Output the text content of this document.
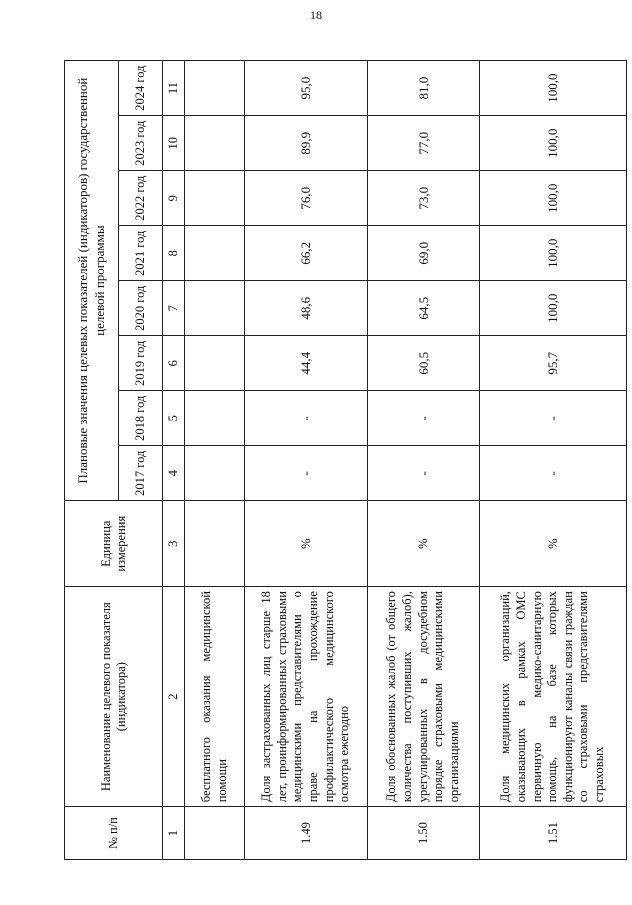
18
№ п/п	Наименование целевого показателя (индикатора)	Единица измерения	Плановые значения целевых показателей (индикаторов) государственной целевой программы							
			2017 год	2018 год	2019 год	2020 год	2021 год	2022 год	2023 год	2024 год
1	2	3	4	5	6	7	8	9	10	11
	бесплатного оказания медицинской помощи									
1.49	Доля застрахованных лиц старше 18 лет, проинформированных страховыми медицинскими представителями о праве на прохождение профилактического медицинского осмотра ежегодно	%	-	-	44,4	48,6	66,2	76,0	89,9	95,0
1.50	Доля обоснованных жалоб (от общего количества поступивших жалоб), урегулированных в досудебном порядке страховыми медицинскими организациями	%	-	-	60,5	64,5	69,0	73,0	77,0	81,0
1.51	Доля медицинских организаций, оказывающих в рамках ОМС первичную медико-санитарную помощь, на базе которых функционируют каналы связи граждан со страховыми представителями страховых	%	-	-	95,7	100,0	100,0	100,0	100,0	100,0
